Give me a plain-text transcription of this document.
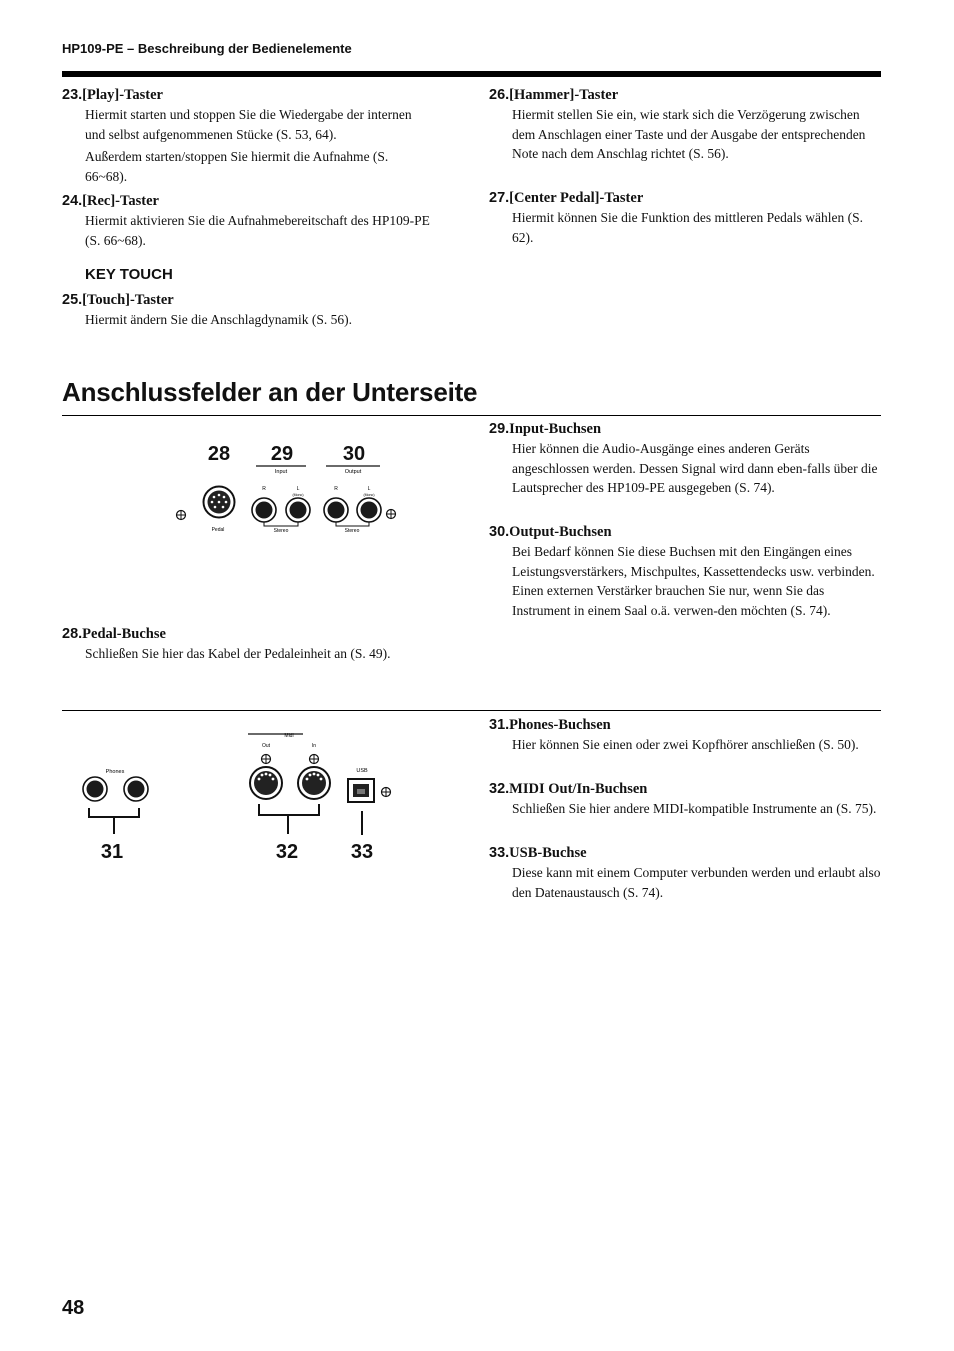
HP109-PE – Beschreibung der Bedienelemente
23.[Play]-Taster

Hiermit starten und stoppen Sie die Wiedergabe der internen und selbst aufgenommenen Stücke (S. 53, 64).

Außerdem starten/stoppen Sie hiermit die Aufnahme (S. 66~68).

24.[Rec]-Taster

Hiermit aktivieren Sie die Aufnahmebereitschaft des HP109-PE (S. 66~68).

KEY TOUCH
25.[Touch]-Taster

Hiermit ändern Sie die Anschlagdynamik (S. 56).

26.[Hammer]-Taster

Hiermit stellen Sie ein, wie stark sich die Verzögerung zwischen dem Anschlagen einer Taste und der Ausgabe der entsprechenden Note nach dem Anschlag richtet (S. 56).

27.[Center Pedal]-Taster

Hiermit können Sie die Funktion des mittleren Pedals wählen (S. 62).

Anschlussfelder an der Unterseite
28 29 30
Input	Output
R	L
(Mono)
R	L
(Mono)
Pedal	Stereo	Stereo
28.Pedal-Buchse

Schließen Sie hier das Kabel der Pedaleinheit an (S. 49).

29.Input-Buchsen

Hier können die Audio-Ausgänge eines anderen Geräts angeschlossen werden. Dessen Signal wird dann eben-falls über die Lautsprecher des HP109-PE ausgegeben (S. 74).

30.Output-Buchsen

Bei Bedarf können Sie diese Buchsen mit den Eingängen eines Leistungsverstärkers, Mischpultes, Kassettendecks usw. verbinden. Einen externen Verstärker brauchen Sie nur, wenn Sie das Instrument in einem Saal o.ä. verwen-den möchten (S. 74).

Phones
31
Midi
Out	In
32
USB
33
31.Phones-Buchsen

Hier können Sie einen oder zwei Kopfhörer anschließen (S. 50).

32.MIDI Out/In-Buchsen

Schließen Sie hier andere MIDI-kompatible Instrumente an (S. 75).

33.USB-Buchse

Diese kann mit einem Computer verbunden werden und erlaubt also den Datenaustausch (S. 74).

48
